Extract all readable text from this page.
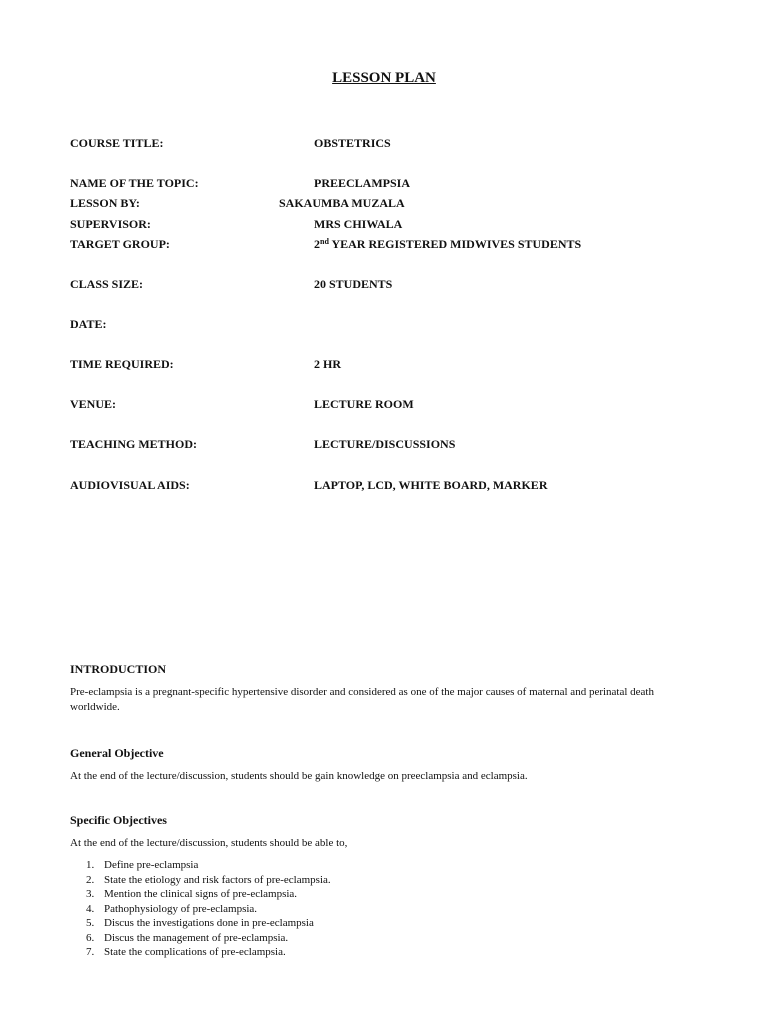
LESSON PLAN
COURSE TITLE:	OBSTETRICS
NAME OF THE TOPIC:	PREECLAMPSIA
LESSON BY:	SAKAUMBA MUZALA
SUPERVISOR:	MRS CHIWALA
TARGET GROUP:	2nd YEAR REGISTERED MIDWIVES STUDENTS
CLASS SIZE:	20 STUDENTS
DATE:
TIME REQUIRED:	2 HR
VENUE:	LECTURE ROOM
TEACHING METHOD:	LECTURE/DISCUSSIONS
AUDIOVISUAL AIDS:	LAPTOP, LCD, WHITE BOARD, MARKER
INTRODUCTION
Pre-eclampsia is a pregnant-specific hypertensive disorder and considered as one of the major causes of maternal and perinatal death worldwide.
General Objective
At the end of the lecture/discussion, students should be gain knowledge on preeclampsia and eclampsia.
Specific Objectives
At the end of the lecture/discussion, students should be able to,
1. Define pre-eclampsia
2. State the etiology and risk factors of pre-eclampsia.
3. Mention the clinical signs of pre-eclampsia.
4. Pathophysiology of pre-eclampsia.
5. Discus the investigations done in pre-eclampsia
6. Discus the management of pre-eclampsia.
7. State the complications of pre-eclampsia.
